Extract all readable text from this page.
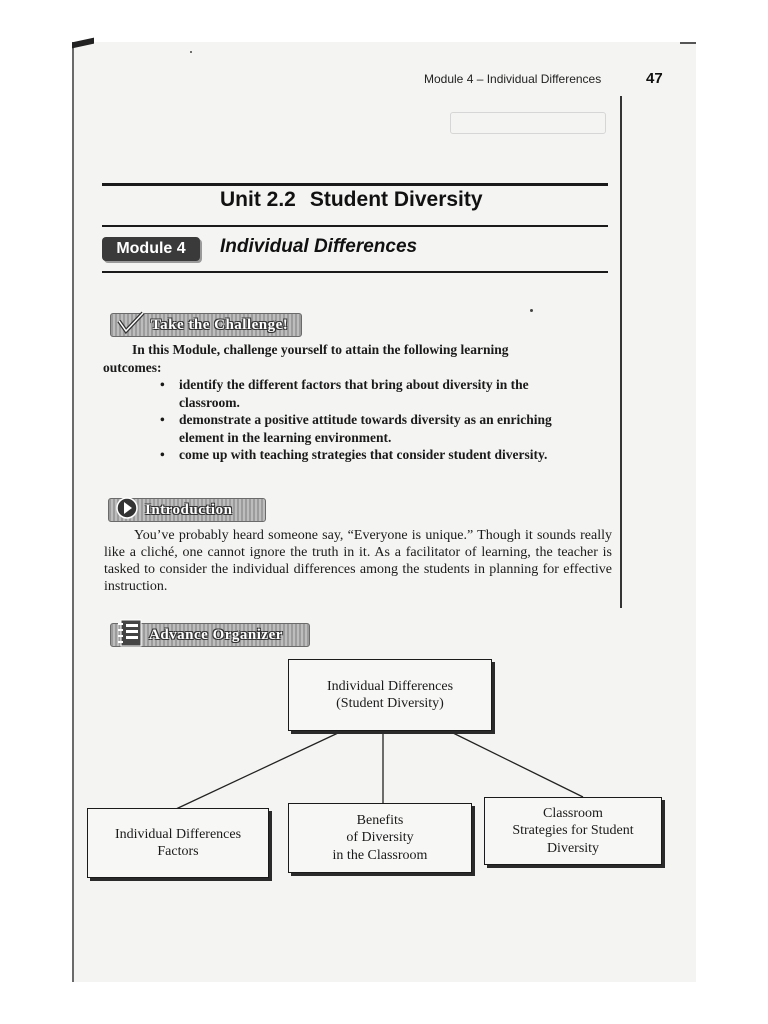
Module 4 – Individual Differences	47
Unit 2.2 Student Diversity
Module 4	Individual Differences
Take the Challenge!
In this Module, challenge yourself to attain the following learning
outcomes:
• identify the different factors that bring about diversity in the classroom.
• demonstrate a positive attitude towards diversity as an enriching element in the learning environment.
• come up with teaching strategies that consider student diversity.
Introduction
You’ve probably heard someone say, “Everyone is unique.” Though it sounds really like a cliché, one cannot ignore the truth in it. As a facilitator of learning, the teacher is tasked to consider the individual differences among the students in planning for effective instruction.
Advance Organizer
Individual Differences
(Student Diversity)
Individual Differences
Factors
Benefits
of Diversity
in the Classroom
Classroom
Strategies for Student
Diversity
